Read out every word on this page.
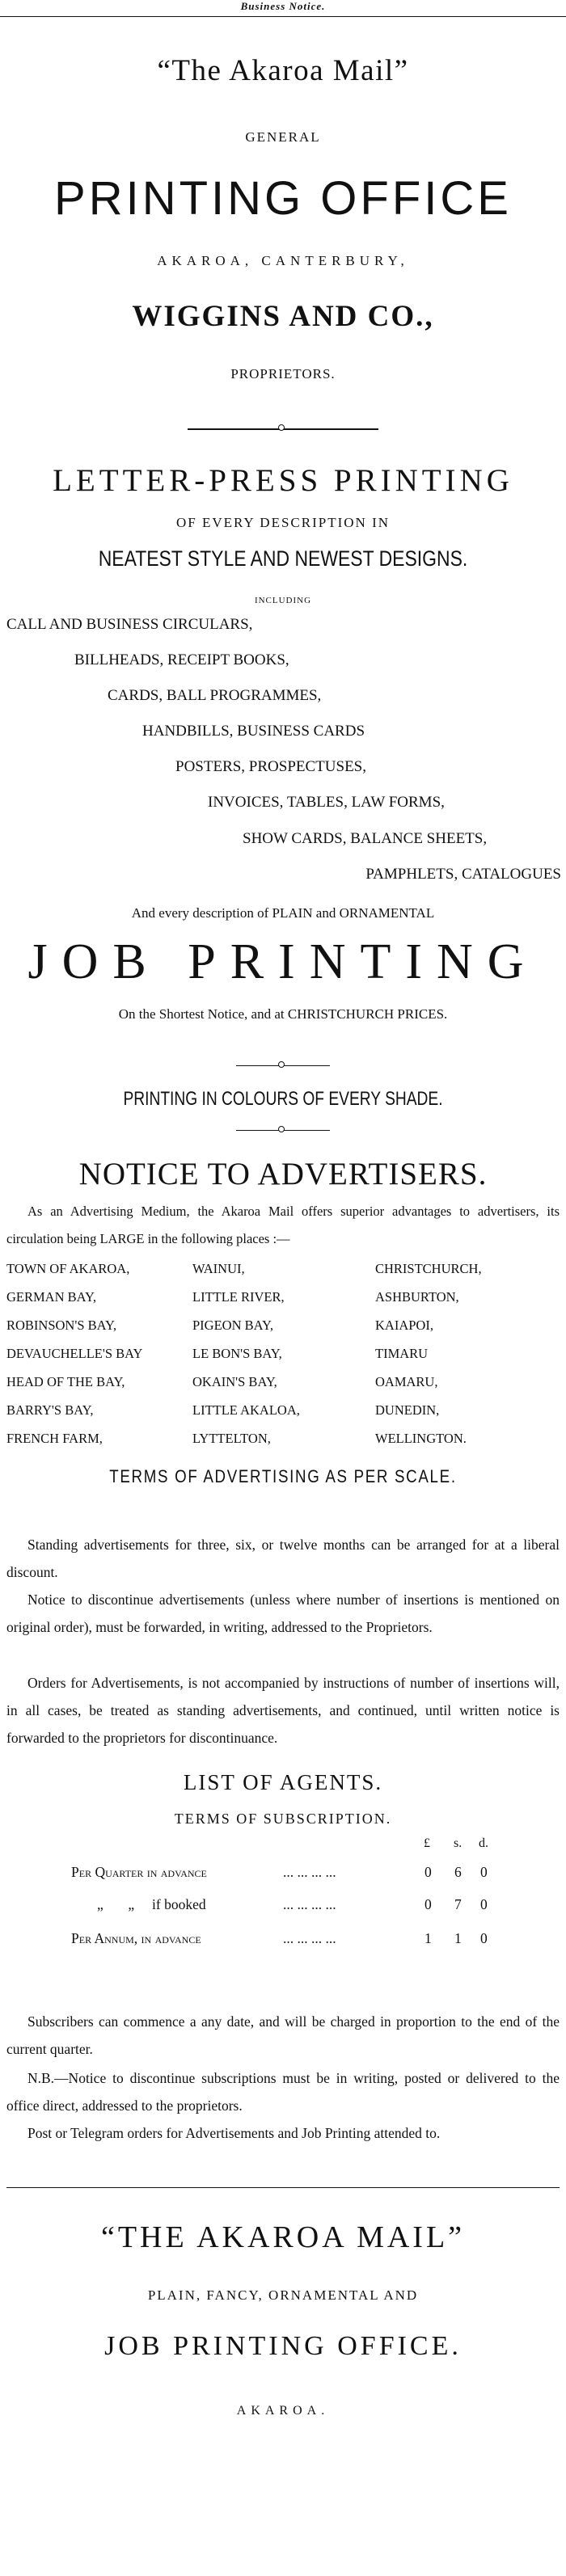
Business Notice.
“The Akaroa Mail”
GENERAL
PRINTING OFFICE
AKAROA, CANTERBURY,
WIGGINS AND CO.,
PROPRIETORS.
LETTER-PRESS PRINTING
OF EVERY DESCRIPTION IN
NEATEST STYLE AND NEWEST DESIGNS.
INCLUDING
CALL AND BUSINESS CIRCULARS,
BILLHEADS, RECEIPT BOOKS,
CARDS, BALL PROGRAMMES,
HANDBILLS, BUSINESS CARDS
POSTERS, PROSPECTUSES,
INVOICES, TABLES, LAW FORMS,
SHOW CARDS, BALANCE SHEETS,
PAMPHLETS, CATALOGUES
And every description of PLAIN and ORNAMENTAL
JOB PRINTING
On the Shortest Notice, and at CHRISTCHURCH PRICES.
PRINTING IN COLOURS OF EVERY SHADE.
NOTICE TO ADVERTISERS.

As an Advertising Medium, the Akaroa Mail offers superior advantages to advertisers, its circulation being LARGE in the following places :—

TOWN OF AKAROA,	WAINUI,	CHRISTCHURCH,
GERMAN BAY,	LITTLE RIVER,	ASHBURTON,
ROBINSON'S BAY,	PIGEON BAY,	KAIAPOI,
DEVAUCHELLE'S BAY	LE BON'S BAY,	TIMARU
HEAD OF THE BAY,	OKAIN'S BAY,	OAMARU,
BARRY'S BAY,	LITTLE AKALOA,	DUNEDIN,
FRENCH FARM,	LYTTELTON,	WELLINGTON.
TERMS OF ADVERTISING AS PER SCALE.

Standing advertisements for three, six, or twelve months can be arranged for at a liberal discount.

Notice to discontinue advertisements (unless where number of insertions is mentioned on original order), must be forwarded, in writing, addressed to the Proprietors.

Orders for Advertisements, is not accompanied by instructions of number of insertions will, in all cases, be treated as standing advertisements, and continued, until written notice is forwarded to the proprietors for discontinuance.

LIST OF AGENTS.
TERMS OF SUBSCRIPTION.
£ s. d.
Per Quarter in advance	... ... ... ...	0 6 0
„       „     if booked	... ... ... ...	0 7 0
Per Annum, in advance	... ... ... ...	1 1 0

Subscribers can commence a any date, and will be charged in proportion to the end of the current quarter.

N.B.—Notice to discontinue subscriptions must be in writing, posted or delivered to the office direct, addressed to the proprietors.

Post or Telegram orders for Advertisements and Job Printing attended to.

“THE AKAROA MAIL”
PLAIN, FANCY, ORNAMENTAL AND
JOB PRINTING OFFICE.
AKAROA.
